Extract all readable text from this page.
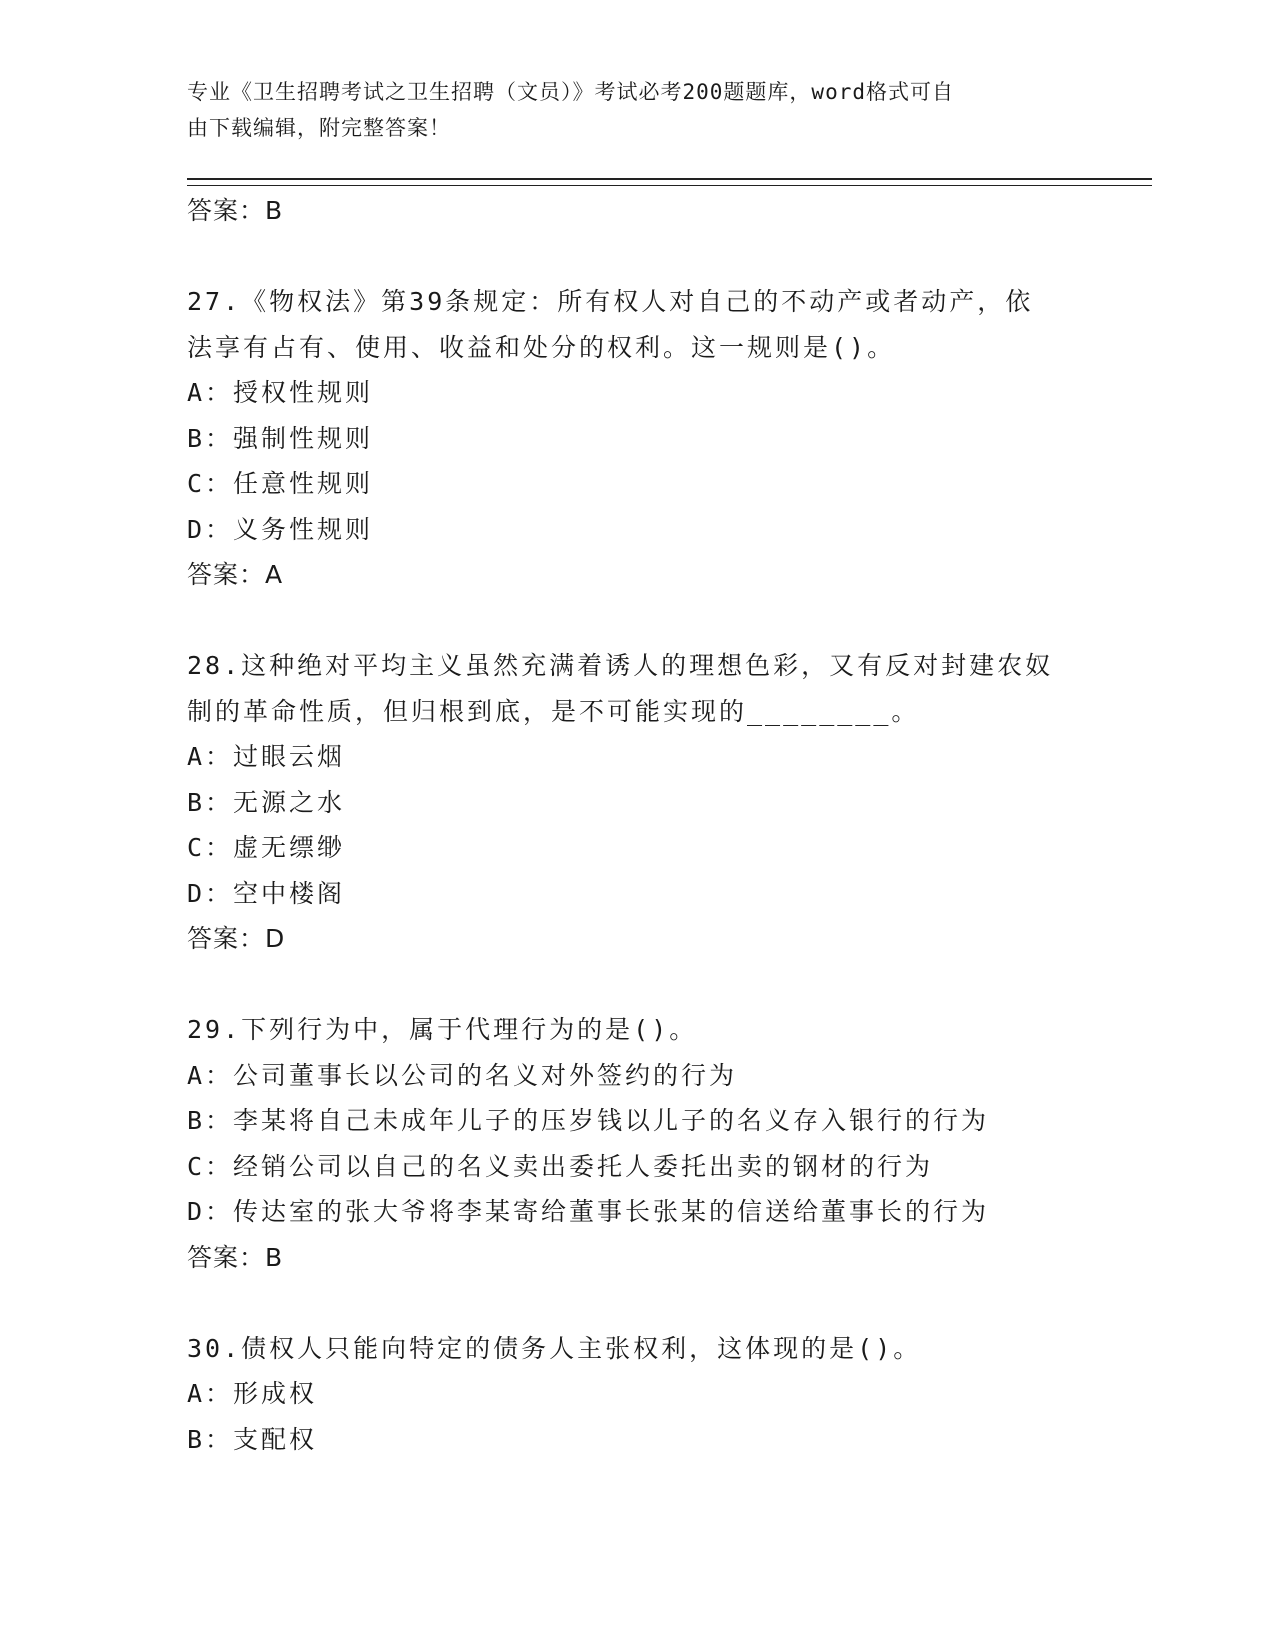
专业《卫生招聘考试之卫生招聘（文员）》考试必考200题题库，word格式可自
由下载编辑，附完整答案！
答案：B
27.《物权法》第39条规定：所有权人对自己的不动产或者动产，依
法享有占有、使用、收益和处分的权利。这一规则是()。
A：授权性规则
B：强制性规则
C：任意性规则
D：义务性规则
答案：A
28.这种绝对平均主义虽然充满着诱人的理想色彩，又有反对封建农奴
制的革命性质，但归根到底，是不可能实现的________。
A：过眼云烟
B：无源之水
C：虚无缥缈
D：空中楼阁
答案：D
29.下列行为中，属于代理行为的是()。
A：公司董事长以公司的名义对外签约的行为
B：李某将自己未成年儿子的压岁钱以儿子的名义存入银行的行为
C：经销公司以自己的名义卖出委托人委托出卖的钢材的行为
D：传达室的张大爷将李某寄给董事长张某的信送给董事长的行为
答案：B
30.债权人只能向特定的债务人主张权利，这体现的是()。
A：形成权
B：支配权
